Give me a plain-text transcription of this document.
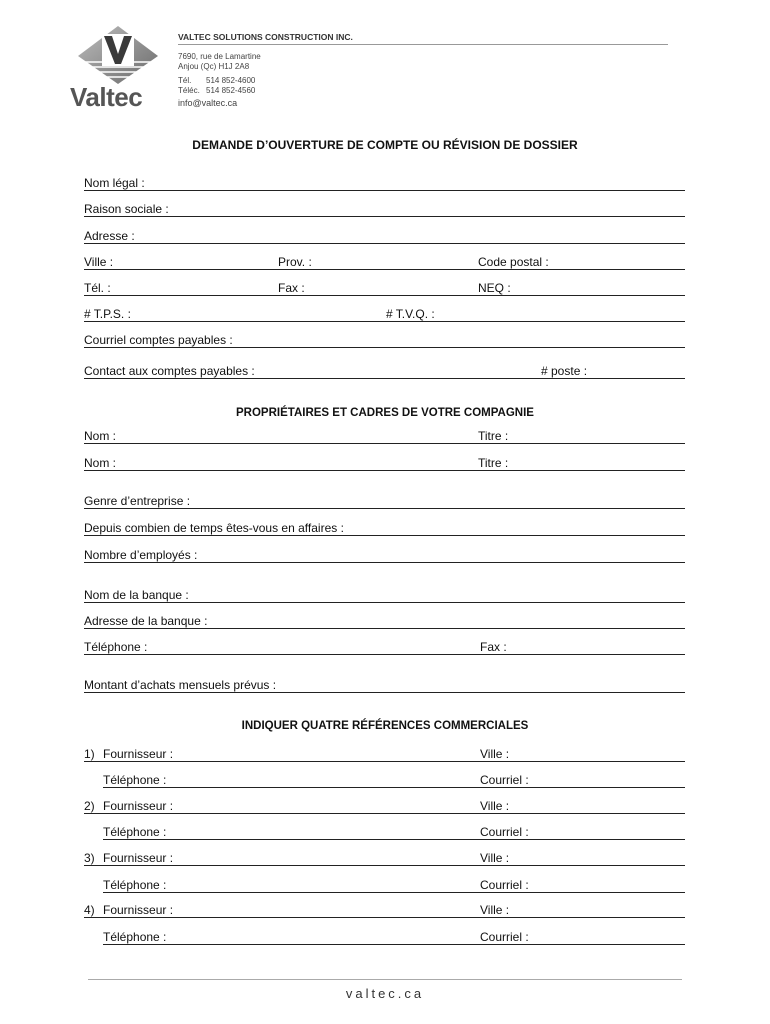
Valtec
VALTEC SOLUTIONS CONSTRUCTION INC.
7690, rue de Lamartine
Anjou (Qc) H1J 2A8
Tél. 514 852-4600
Téléc. 514 852-4560
info@valtec.ca
DEMANDE D’OUVERTURE DE COMPTE OU RÉVISION DE DOSSIER
Nom légal :
Raison sociale :
Adresse :
Ville :	Prov. :	Code postal :
Tél. :	Fax :	NEQ :
# T.P.S. :	# T.V.Q. :
Courriel comptes payables :
Contact aux comptes payables :	# poste :
PROPRIÉTAIRES ET CADRES DE VOTRE COMPAGNIE
Nom :	Titre :
Nom :	Titre :
Genre d’entreprise :
Depuis combien de temps êtes-vous en affaires :
Nombre d’employés :
Nom de la banque :
Adresse de la banque :
Téléphone :	Fax :
Montant d’achats mensuels prévus :
INDIQUER QUATRE RÉFÉRENCES COMMERCIALES
1) Fournisseur :	Ville :
Téléphone :	Courriel :
2) Fournisseur :	Ville :
Téléphone :	Courriel :
3) Fournisseur :	Ville :
Téléphone :	Courriel :
4) Fournisseur :	Ville :
Téléphone :	Courriel :
valtec.ca
